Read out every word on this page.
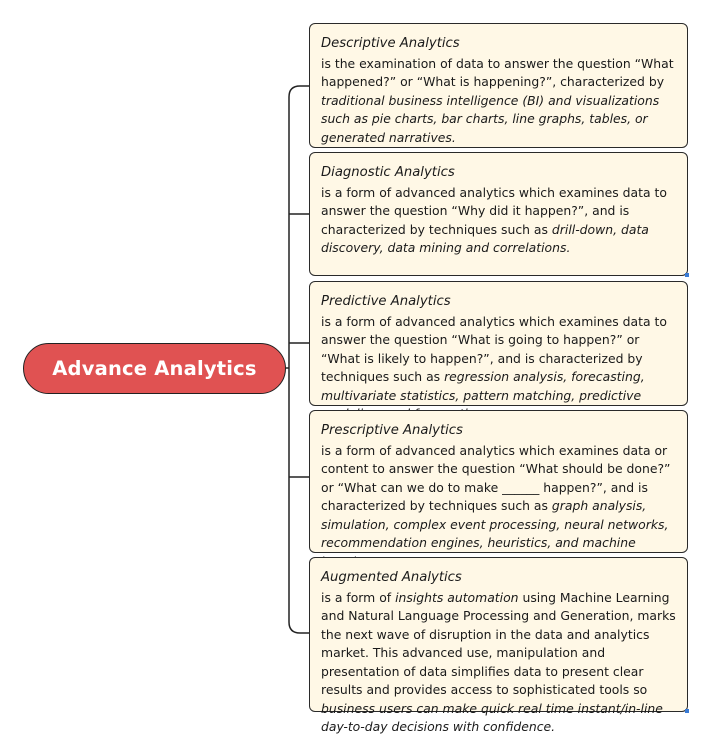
Advance Analytics
Descriptive Analytics
is the examination of data to answer the question “What happened?” or “What is happening?”, characterized by traditional business intelligence (BI) and visualizations such as pie charts, bar charts, line graphs, tables, or generated narratives.
Diagnostic Analytics
is a form of advanced analytics which examines data to answer the question “Why did it happen?”, and is characterized by techniques such as drill-down, data discovery, data mining and correlations.
Predictive Analytics
is a form of advanced analytics which examines data to answer the question “What is going to happen?” or “What is likely to happen?”, and is characterized by techniques such as regression analysis, forecasting, multivariate statistics, pattern matching, predictive
Prescriptive Analytics
is a form of advanced analytics which examines data or content to answer the question “What should be done?” or “What can we do to make ______ happen?”, and is characterized by techniques such as graph analysis, simulation, complex event processing, neural networks, recommendation engines, heuristics, and machine
Augmented Analytics
is a form of insights automation using Machine Learning and Natural Language Processing and Generation, marks the next wave of disruption in the data and analytics market. This advanced use, manipulation and presentation of data simplifies data to present clear results and provides access to sophisticated tools so business users can make quick real time instant/in-line day-to-day decisions with confidence.
